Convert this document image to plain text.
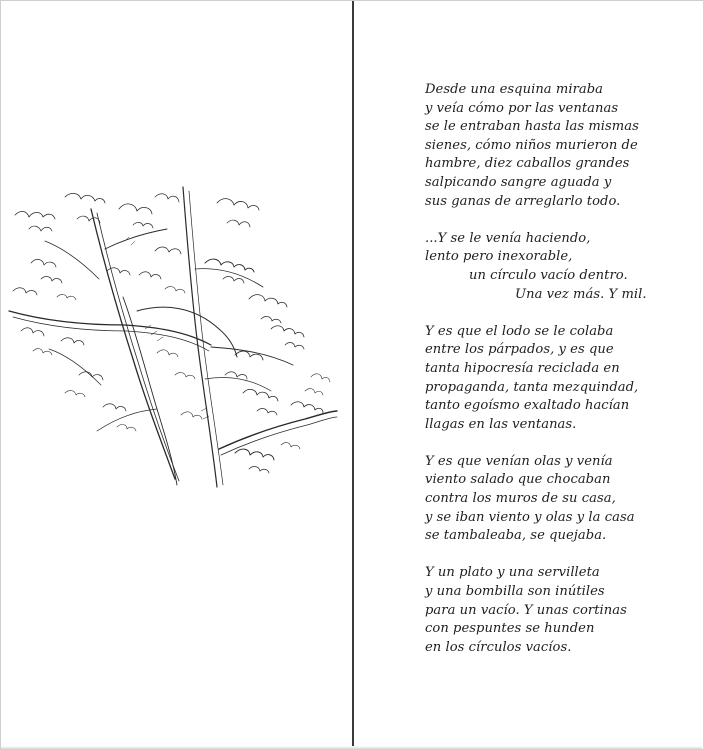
Desde una esquina miraba
y veía cómo por las ventanas
se le entraban hasta las mismas
sienes, cómo niños murieron de
hambre, diez caballos grandes
salpicando sangre aguada y
sus ganas de arreglarlo todo.
...Y se le venía haciendo,
lento pero inexorable,
un círculo vacío dentro.
Una vez más. Y mil.
Y es que el lodo se le colaba
entre los párpados, y es que
tanta hipocresía reciclada en
propaganda, tanta mezquindad,
tanto egoísmo exaltado hacían
llagas en las ventanas.
Y es que venían olas y venía
viento salado que chocaban
contra los muros de su casa,
y se iban viento y olas y la casa
se tambaleaba, se quejaba.
Y un plato y una servilleta
y una bombilla son inútiles
para un vacío. Y unas cortinas
con pespuntes se hunden
en los círculos vacíos.
